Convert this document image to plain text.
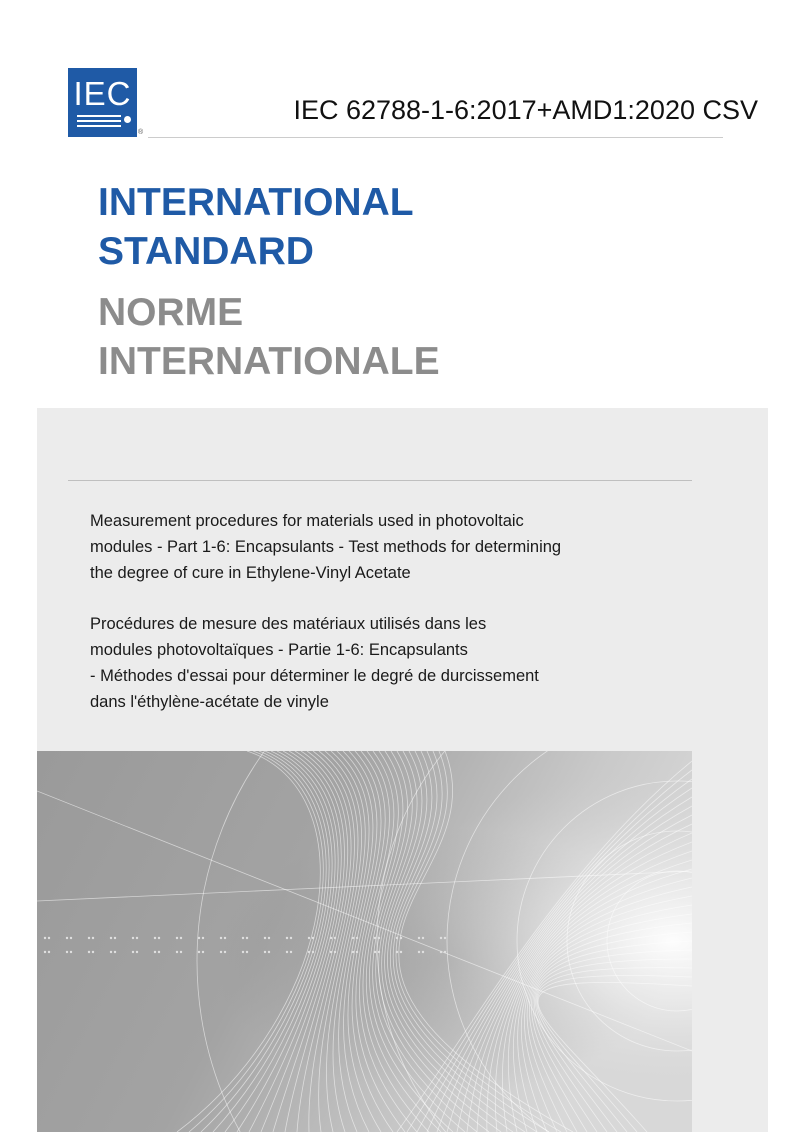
IEC
®
IEC 62788-1-6:2017+AMD1:2020 CSV
INTERNATIONAL
STANDARD
NORME
INTERNATIONALE
Measurement procedures for materials used in photovoltaic
modules - Part 1-6: Encapsulants - Test methods for determining
the degree of cure in Ethylene-Vinyl Acetate
Procédures de mesure des matériaux utilisés dans les
modules photovoltaïques - Partie 1-6: Encapsulants
- Méthodes d'essai pour déterminer le degré de durcissement
dans l'éthylène-acétate de vinyle
